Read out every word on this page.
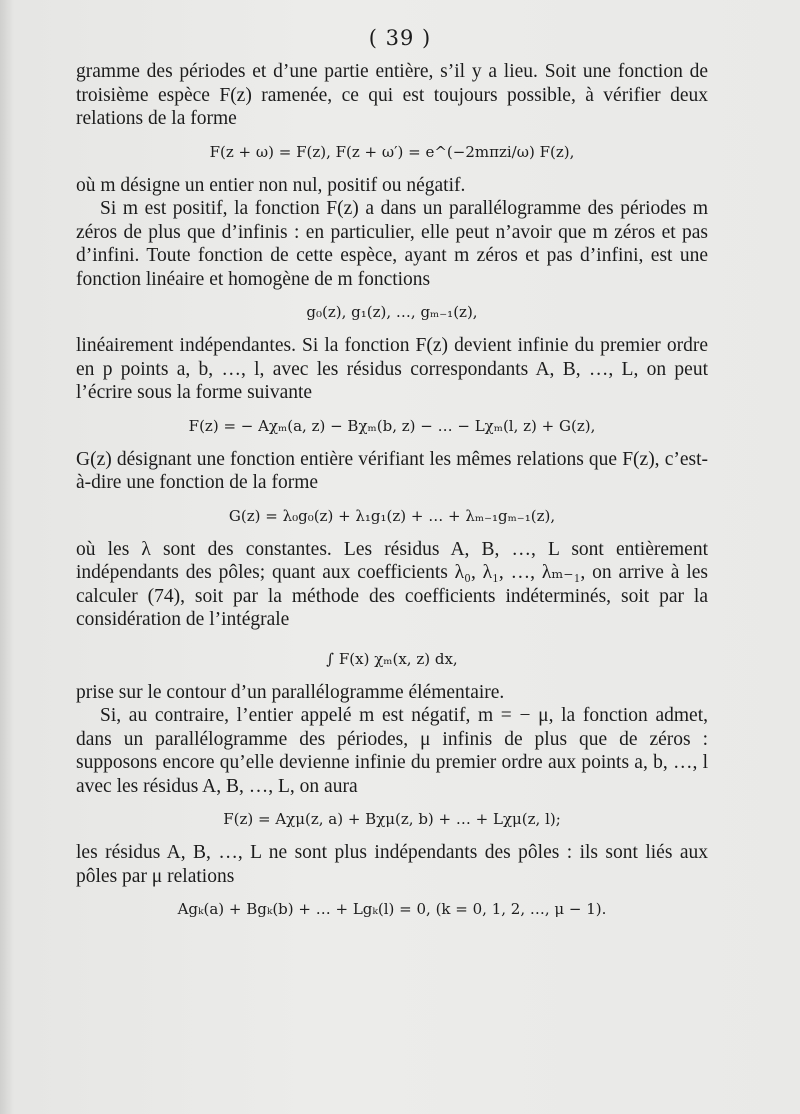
( 39 )

gramme des périodes et d’une partie entière, s’il y a lieu. Soit une fonction de troisième espèce F(z) ramenée, ce qui est toujours possible, à vérifier deux relations de la forme

F(z + ω) = F(z), F(z + ω′) = e^(−2mπzi/ω) F(z),

où m désigne un entier non nul, positif ou négatif.

Si m est positif, la fonction F(z) a dans un parallélogramme des périodes m zéros de plus que d’infinis : en particulier, elle peut n’avoir que m zéros et pas d’infini. Toute fonction de cette espèce, ayant m zéros et pas d’infini, est une fonction linéaire et homogène de m fonctions

g₀(z), g₁(z), …, gₘ₋₁(z),

linéairement indépendantes. Si la fonction F(z) devient infinie du premier ordre en p points a, b, …, l, avec les résidus correspondants A, B, …, L, on peut l’écrire sous la forme suivante

F(z) = − Aχₘ(a, z) − Bχₘ(b, z) − … − Lχₘ(l, z) + G(z),

G(z) désignant une fonction entière vérifiant les mêmes relations que F(z), c’est-à-dire une fonction de la forme

G(z) = λ₀g₀(z) + λ₁g₁(z) + … + λₘ₋₁gₘ₋₁(z),

où les λ sont des constantes. Les résidus A, B, …, L sont entièrement indépendants des pôles; quant aux coefficients λ₀, λ₁, …, λₘ₋₁, on arrive à les calculer (74), soit par la méthode des coefficients indéterminés, soit par la considération de l’intégrale

∫ F(x) χₘ(x, z) dx,

prise sur le contour d’un parallélogramme élémentaire.

Si, au contraire, l’entier appelé m est négatif, m = − μ, la fonction admet, dans un parallélogramme des périodes, μ infinis de plus que de zéros : supposons encore qu’elle devienne infinie du premier ordre aux points a, b, …, l avec les résidus A, B, …, L, on aura

F(z) = Aχμ(z, a) + Bχμ(z, b) + … + Lχμ(z, l);

les résidus A, B, …, L ne sont plus indépendants des pôles : ils sont liés aux pôles par μ relations

Agₖ(a) + Bgₖ(b) + … + Lgₖ(l) = 0, (k = 0, 1, 2, …, μ − 1).
